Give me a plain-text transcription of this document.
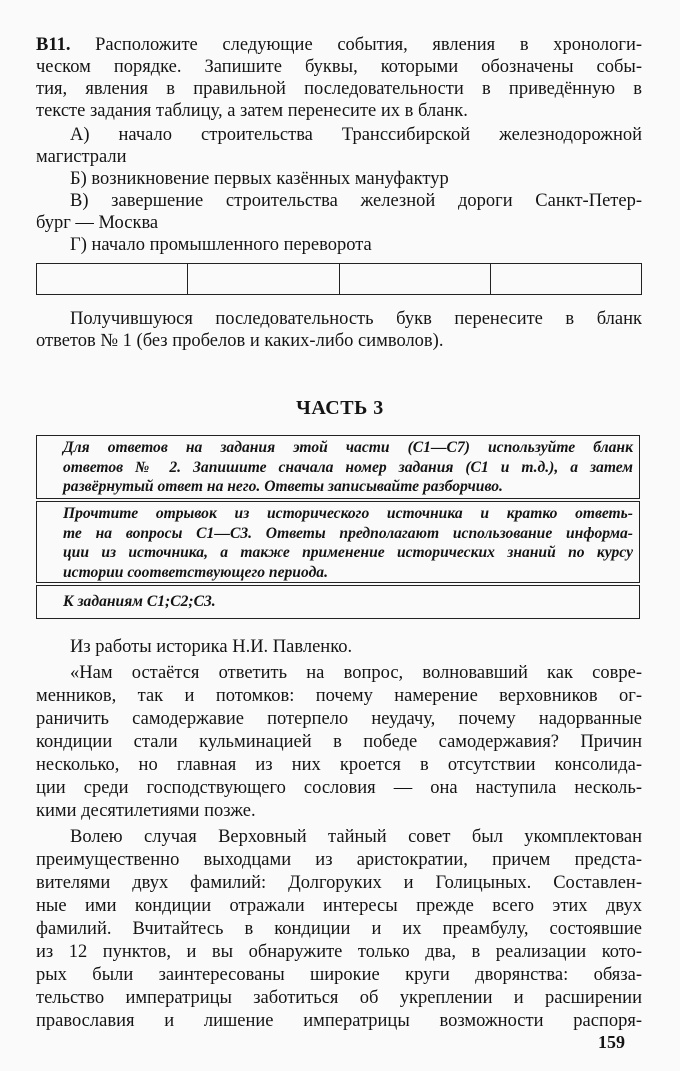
B11. Расположите следующие события, явления в хронологи-
ческом порядке. Запишите буквы, которыми обозначены собы-
тия, явления в правильной последовательности в приведённую в
тексте задания таблицу, а затем перенесите их в бланк.
А) начало строительства Транссибирской железнодорожной
магистрали
Б) возникновение первых казённых мануфактур
В) завершение строительства железной дороги Санкт-Петер-
бург — Москва
Г) начало промышленного переворота
Получившуюся последовательность букв перенесите в бланк
ответов № 1 (без пробелов и каких-либо символов).
ЧАСТЬ 3
Для ответов на задания этой части (С1—С7) используйте бланк
ответов № 2. Запишите сначала номер задания (С1 и т.д.), а затем
развёрнутый ответ на него. Ответы записывайте разборчиво.
Прочтите отрывок из исторического источника и кратко ответь-
те на вопросы С1—С3. Ответы предполагают использование информа-
ции из источника, а также применение исторических знаний по курсу
истории соответствующего периода.
К заданиям С1;С2;С3.
Из работы историка Н.И. Павленко.
«Нам остаётся ответить на вопрос, волновавший как совре-
менников, так и потомков: почему намерение верховников ог-
раничить самодержавие потерпело неудачу, почему надорванные
кондиции стали кульминацией в победе самодержавия? Причин
несколько, но главная из них кроется в отсутствии консолида-
ции среди господствующего сословия — она наступила несколь-
кими десятилетиями позже.
Волею случая Верховный тайный совет был укомплектован
преимущественно выходцами из аристократии, причем предста-
вителями двух фамилий: Долгоруких и Голицыных. Составлен-
ные ими кондиции отражали интересы прежде всего этих двух
фамилий. Вчитайтесь в кондиции и их преамбулу, состоявшие
из 12 пунктов, и вы обнаружите только два, в реализации кото-
рых были заинтересованы широкие круги дворянства: обяза-
тельство императрицы заботиться об укреплении и расширении
православия и лишение императрицы возможности распоря-
159
